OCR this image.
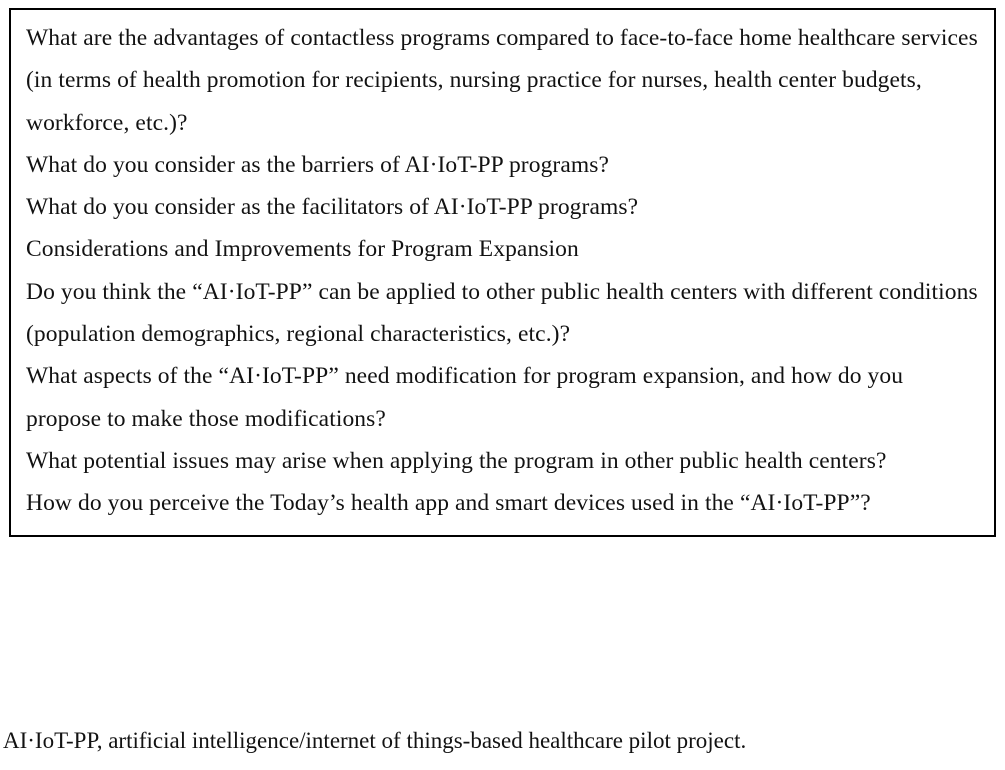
What are the advantages of contactless programs compared to face-to-face home healthcare services (in terms of health promotion for recipients, nursing practice for nurses, health center budgets, workforce, etc.)?

What do you consider as the barriers of AI·IoT-PP programs?

What do you consider as the facilitators of AI·IoT-PP programs?

Considerations and Improvements for Program Expansion

Do you think the “AI·IoT-PP” can be applied to other public health centers with different conditions (population demographics, regional characteristics, etc.)?

What aspects of the “AI·IoT-PP” need modification for program expansion, and how do you propose to make those modifications?

What potential issues may arise when applying the program in other public health centers?

How do you perceive the Today’s health app and smart devices used in the “AI·IoT-PP”?

AI·IoT-PP, artificial intelligence/internet of things-based healthcare pilot project.
